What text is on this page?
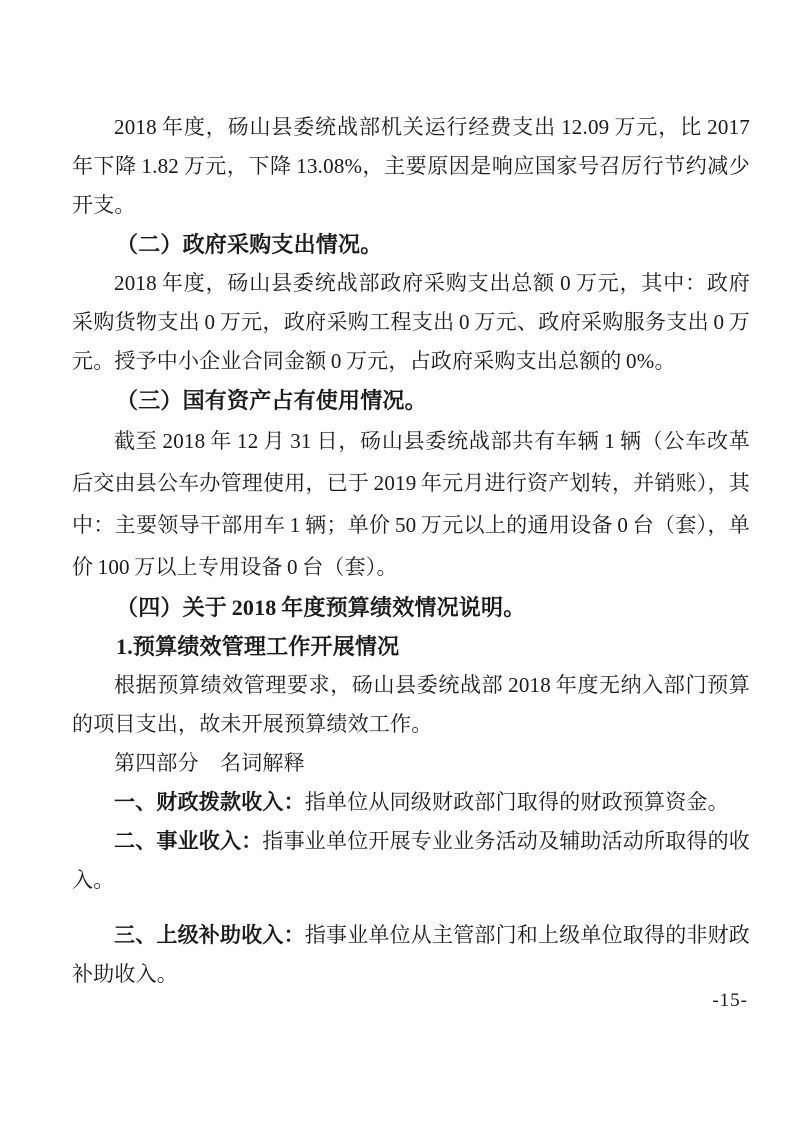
2018 年度，砀山县委统战部机关运行经费支出 12.09 万元，比 2017 年下降 1.82 万元，下降 13.08%，主要原因是响应国家号召厉行节约减少开支。

（二）政府采购支出情况。

2018 年度，砀山县委统战部政府采购支出总额 0 万元，其中：政府采购货物支出 0 万元，政府采购工程支出 0 万元、政府采购服务支出 0 万元。授予中小企业合同金额 0 万元，占政府采购支出总额的 0%。

（三）国有资产占有使用情况。

截至 2018 年 12 月 31 日，砀山县委统战部共有车辆 1 辆（公车改革后交由县公车办管理使用，已于 2019 年元月进行资产划转，并销账），其中：主要领导干部用车 1 辆；单价 50 万元以上的通用设备 0 台（套），单价 100 万以上专用设备 0 台（套）。

（四）关于 2018 年度预算绩效情况说明。

1.预算绩效管理工作开展情况

根据预算绩效管理要求，砀山县委统战部 2018 年度无纳入部门预算的项目支出，故未开展预算绩效工作。

第四部分　名词解释

一、财政拨款收入：指单位从同级财政部门取得的财政预算资金。

二、事业收入：指事业单位开展专业业务活动及辅助活动所取得的收入。

三、上级补助收入：指事业单位从主管部门和上级单位取得的非财政补助收入。

-15-
